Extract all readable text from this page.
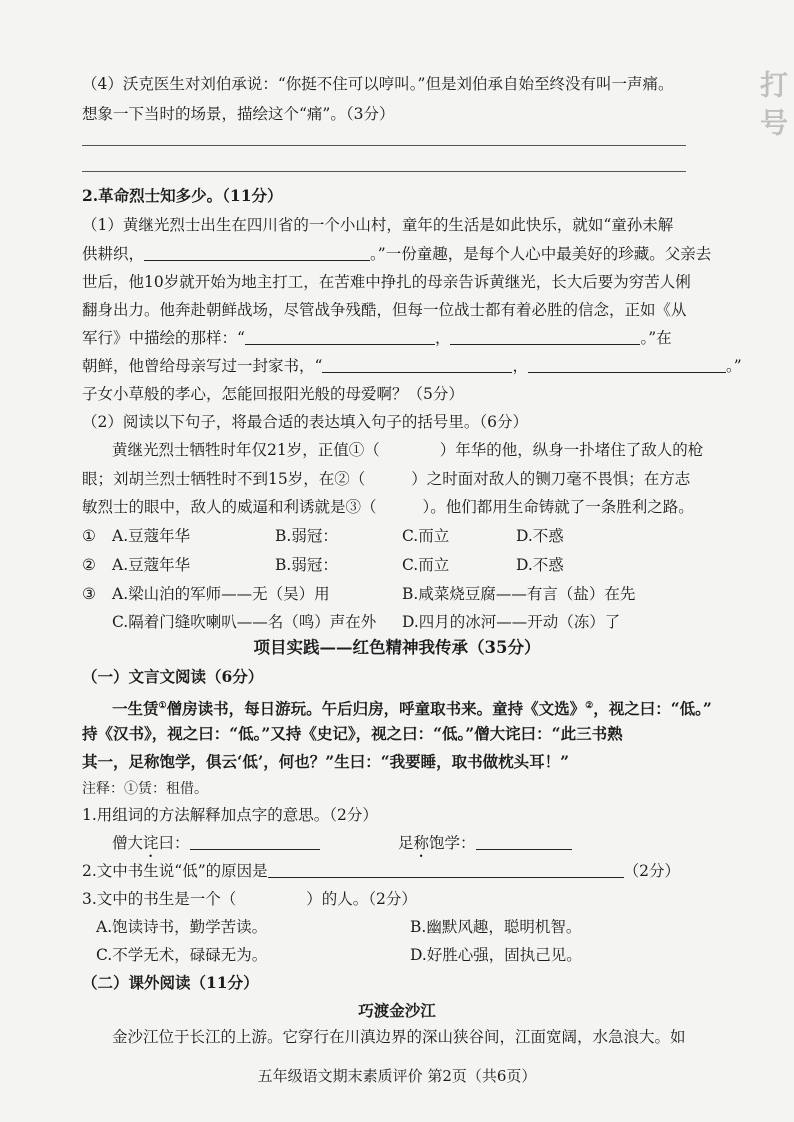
打 号
（4）沃克医生对刘伯承说：“你挺不住可以哼叫。”但是刘伯承自始至终没有叫一声痛。
想象一下当时的场景，描绘这个“痛”。（3分）
2.革命烈士知多少。（11分）
（1）黄继光烈士出生在四川省的一个小山村，童年的生活是如此快乐，就如“童孙未解
供耕织，	。”一份童趣，是每个人心中最美好的珍藏。父亲去
世后，他10岁就开始为地主打工，在苦难中挣扎的母亲告诉黄继光，长大后要为穷苦人俐
翻身出力。他奔赴朝鲜战场，尽管战争残酷，但每一位战士都有着必胜的信念，正如《从
军行》中描绘的那样：“	，	。”在
朝鲜，他曾给母亲写过一封家书，“	，	。”
子女小草般的孝心，怎能回报阳光般的母爱啊？（5分）
（2）阅读以下句子，将最合适的表达填入句子的括号里。（6分）
黄继光烈士牺牲时年仅21岁，正值①（	）年华的他，纵身一扑堵住了敌人的枪
眼；刘胡兰烈士牺牲时不到15岁，在②（	）之时面对敌人的铡刀毫不畏惧；在方志
敏烈士的眼中，敌人的威逼和利诱就是③（	）。他们都用生命铸就了一条胜利之路。
① A.豆蔻年华	B.弱冠：	C.而立	D.不惑
② A.豆蔻年华	B.弱冠：	C.而立	D.不惑
③ A.梁山泊的军师——无（吴）用	B.咸菜烧豆腐——有言（盐）在先
C.隔着门缝吹喇叭——名（鸣）声在外 D.四月的冰河——开动（冻）了
项目实践——红色精神我传承（35分）
（一）文言文阅读（6分）
一生赁①僧房读书，每日游玩。午后归房，呼童取书来。童持《文选》②，视之曰：“低。”
持《汉书》，视之曰：“低。”又持《史记》，视之曰：“低。”僧大诧曰：“此三书熟
其一，足称饱学，俱云‘低’，何也？”生曰：“我要睡，取书做枕头耳！”
注释：①赁：租借。
1.用组词的方法解释加点字的意思。（2分）
僧大诧曰：	足称饱学：
2.文中书生说“低”的原因是	（2分）
3.文中的书生是一个（	）的人。（2分）
A.饱读诗书，勤学苦读。	B.幽默风趣，聪明机智。
C.不学无术，碌碌无为。	D.好胜心强，固执己见。
（二）课外阅读（11分）
巧渡金沙江
金沙江位于长江的上游。它穿行在川滇边界的深山狭谷间，江面宽阔，水急浪大。如
五年级语文期末素质评价 第2页（共6页）
